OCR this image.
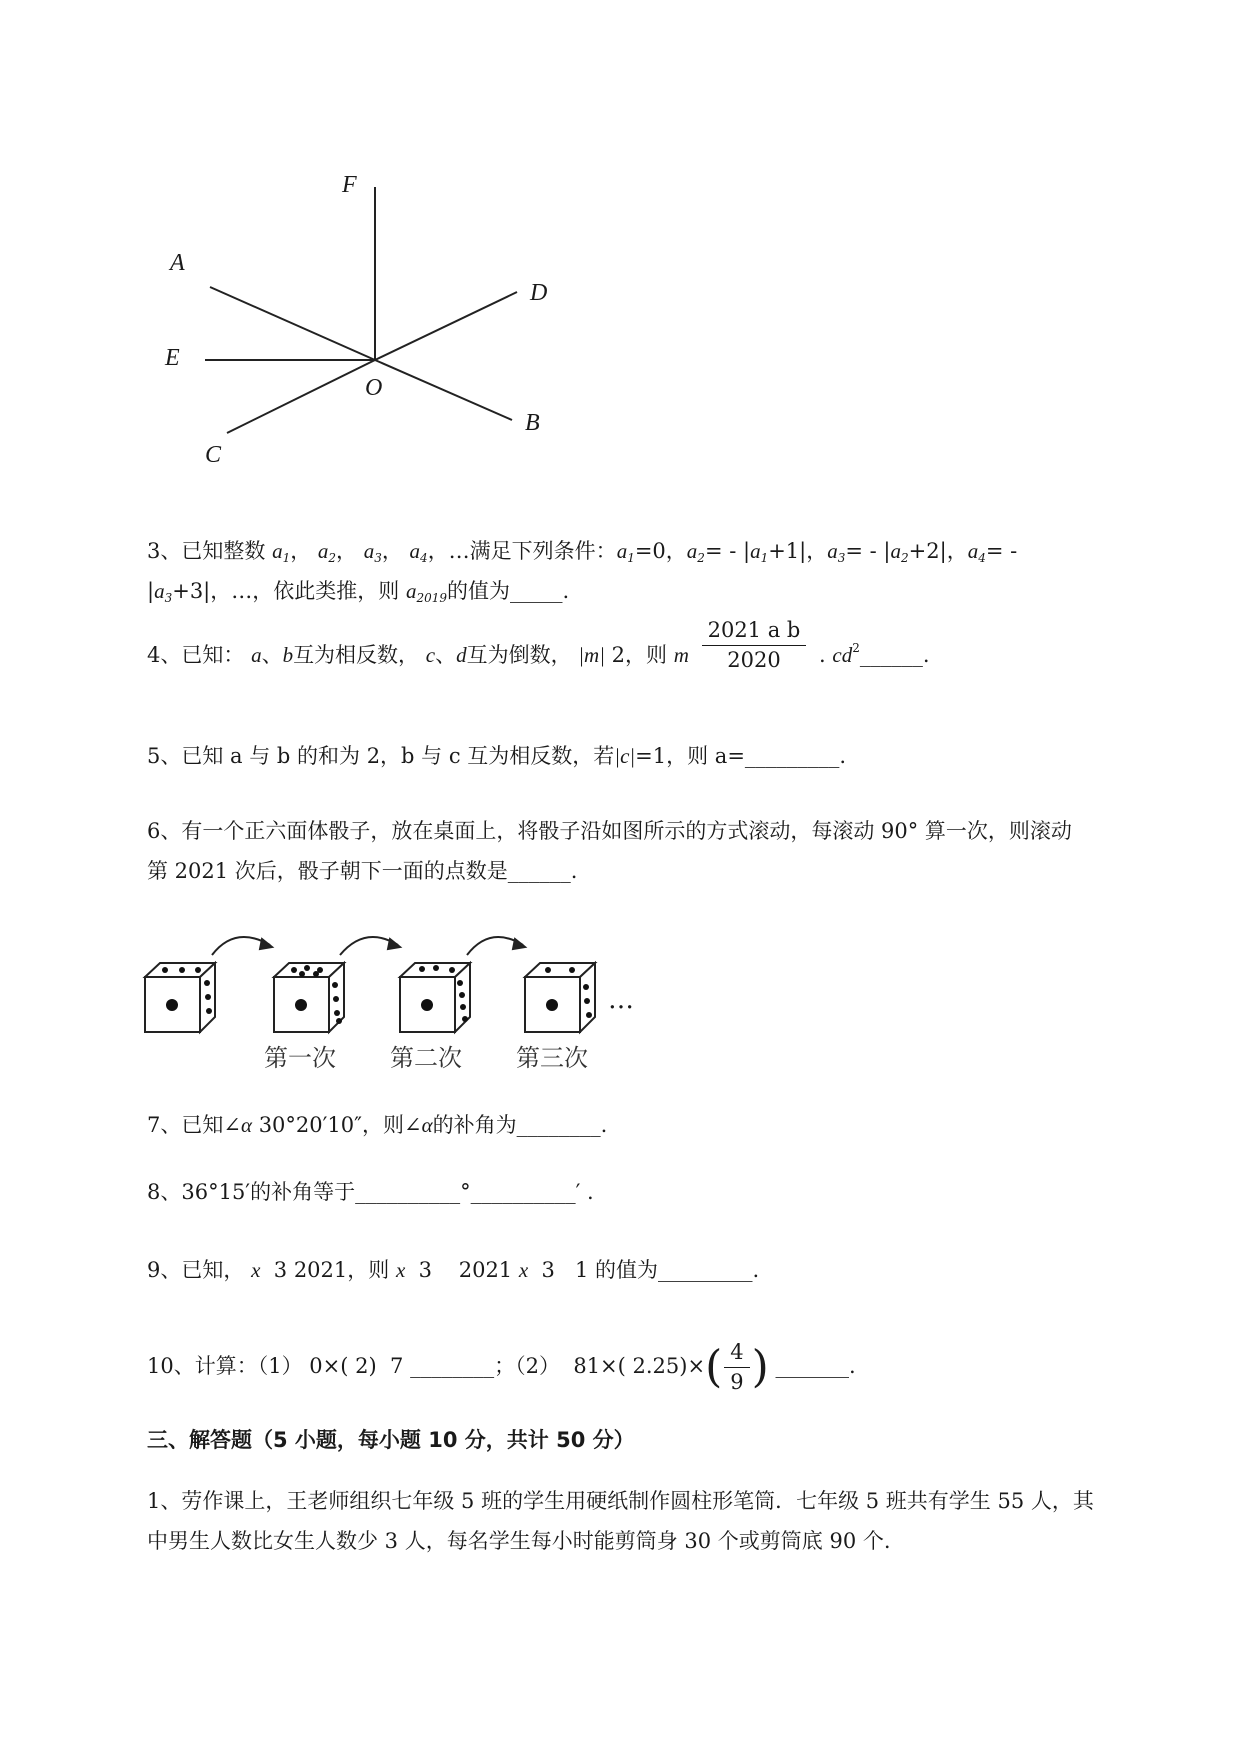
F
A
D
E
O
B
C
3、已知整数 $a_1$， $a_2$， $a_3$， $a_4$，…满足下列条件：$a_1=0$，$a_2= - |a_1+1|$，$a_3= - |a_2+2|$，$a_4=$ -
$|a_3+3|$，…，依此类推，则 $a_{2019}$的值为_____.
4、已知： a、b互为相反数， c、d互为倒数， |m| 2，则 m $\frac{\text{2021 a b}}{2020}$ . $cd^2\_\_\_\_\_\_$.
5、已知 a 与 b 的和为 2，b 与 c 互为相反数，若|c|=1，则 a=_________.
6、有一个正六面体骰子，放在桌面上，将骰子沿如图所示的方式滚动，每滚动 90° 算一次，则滚动
第 2021 次后，骰子朝下一面的点数是______.
…
第一次 第二次 第三次
7、已知∠α 30°20′10″，则∠α的补角为________.
8、36°15′的补角等于__________°__________′ .
9、已知， x 3 2021，则 x 3 2021 x 3 1 的值为_________.
10、计算：（1） 0×( 2) 7 ________；（2） 81×( $2.25)\times( \frac{4}{9}$ ) _______.
三、解答题（5 小题，每小题 10 分，共计 50 分）
1、劳作课上，王老师组织七年级 5 班的学生用硬纸制作圆柱形笔筒．七年级 5 班共有学生 55 人，其
中男生人数比女生人数少 3 人，每名学生每小时能剪筒身 30 个或剪筒底 90 个.
